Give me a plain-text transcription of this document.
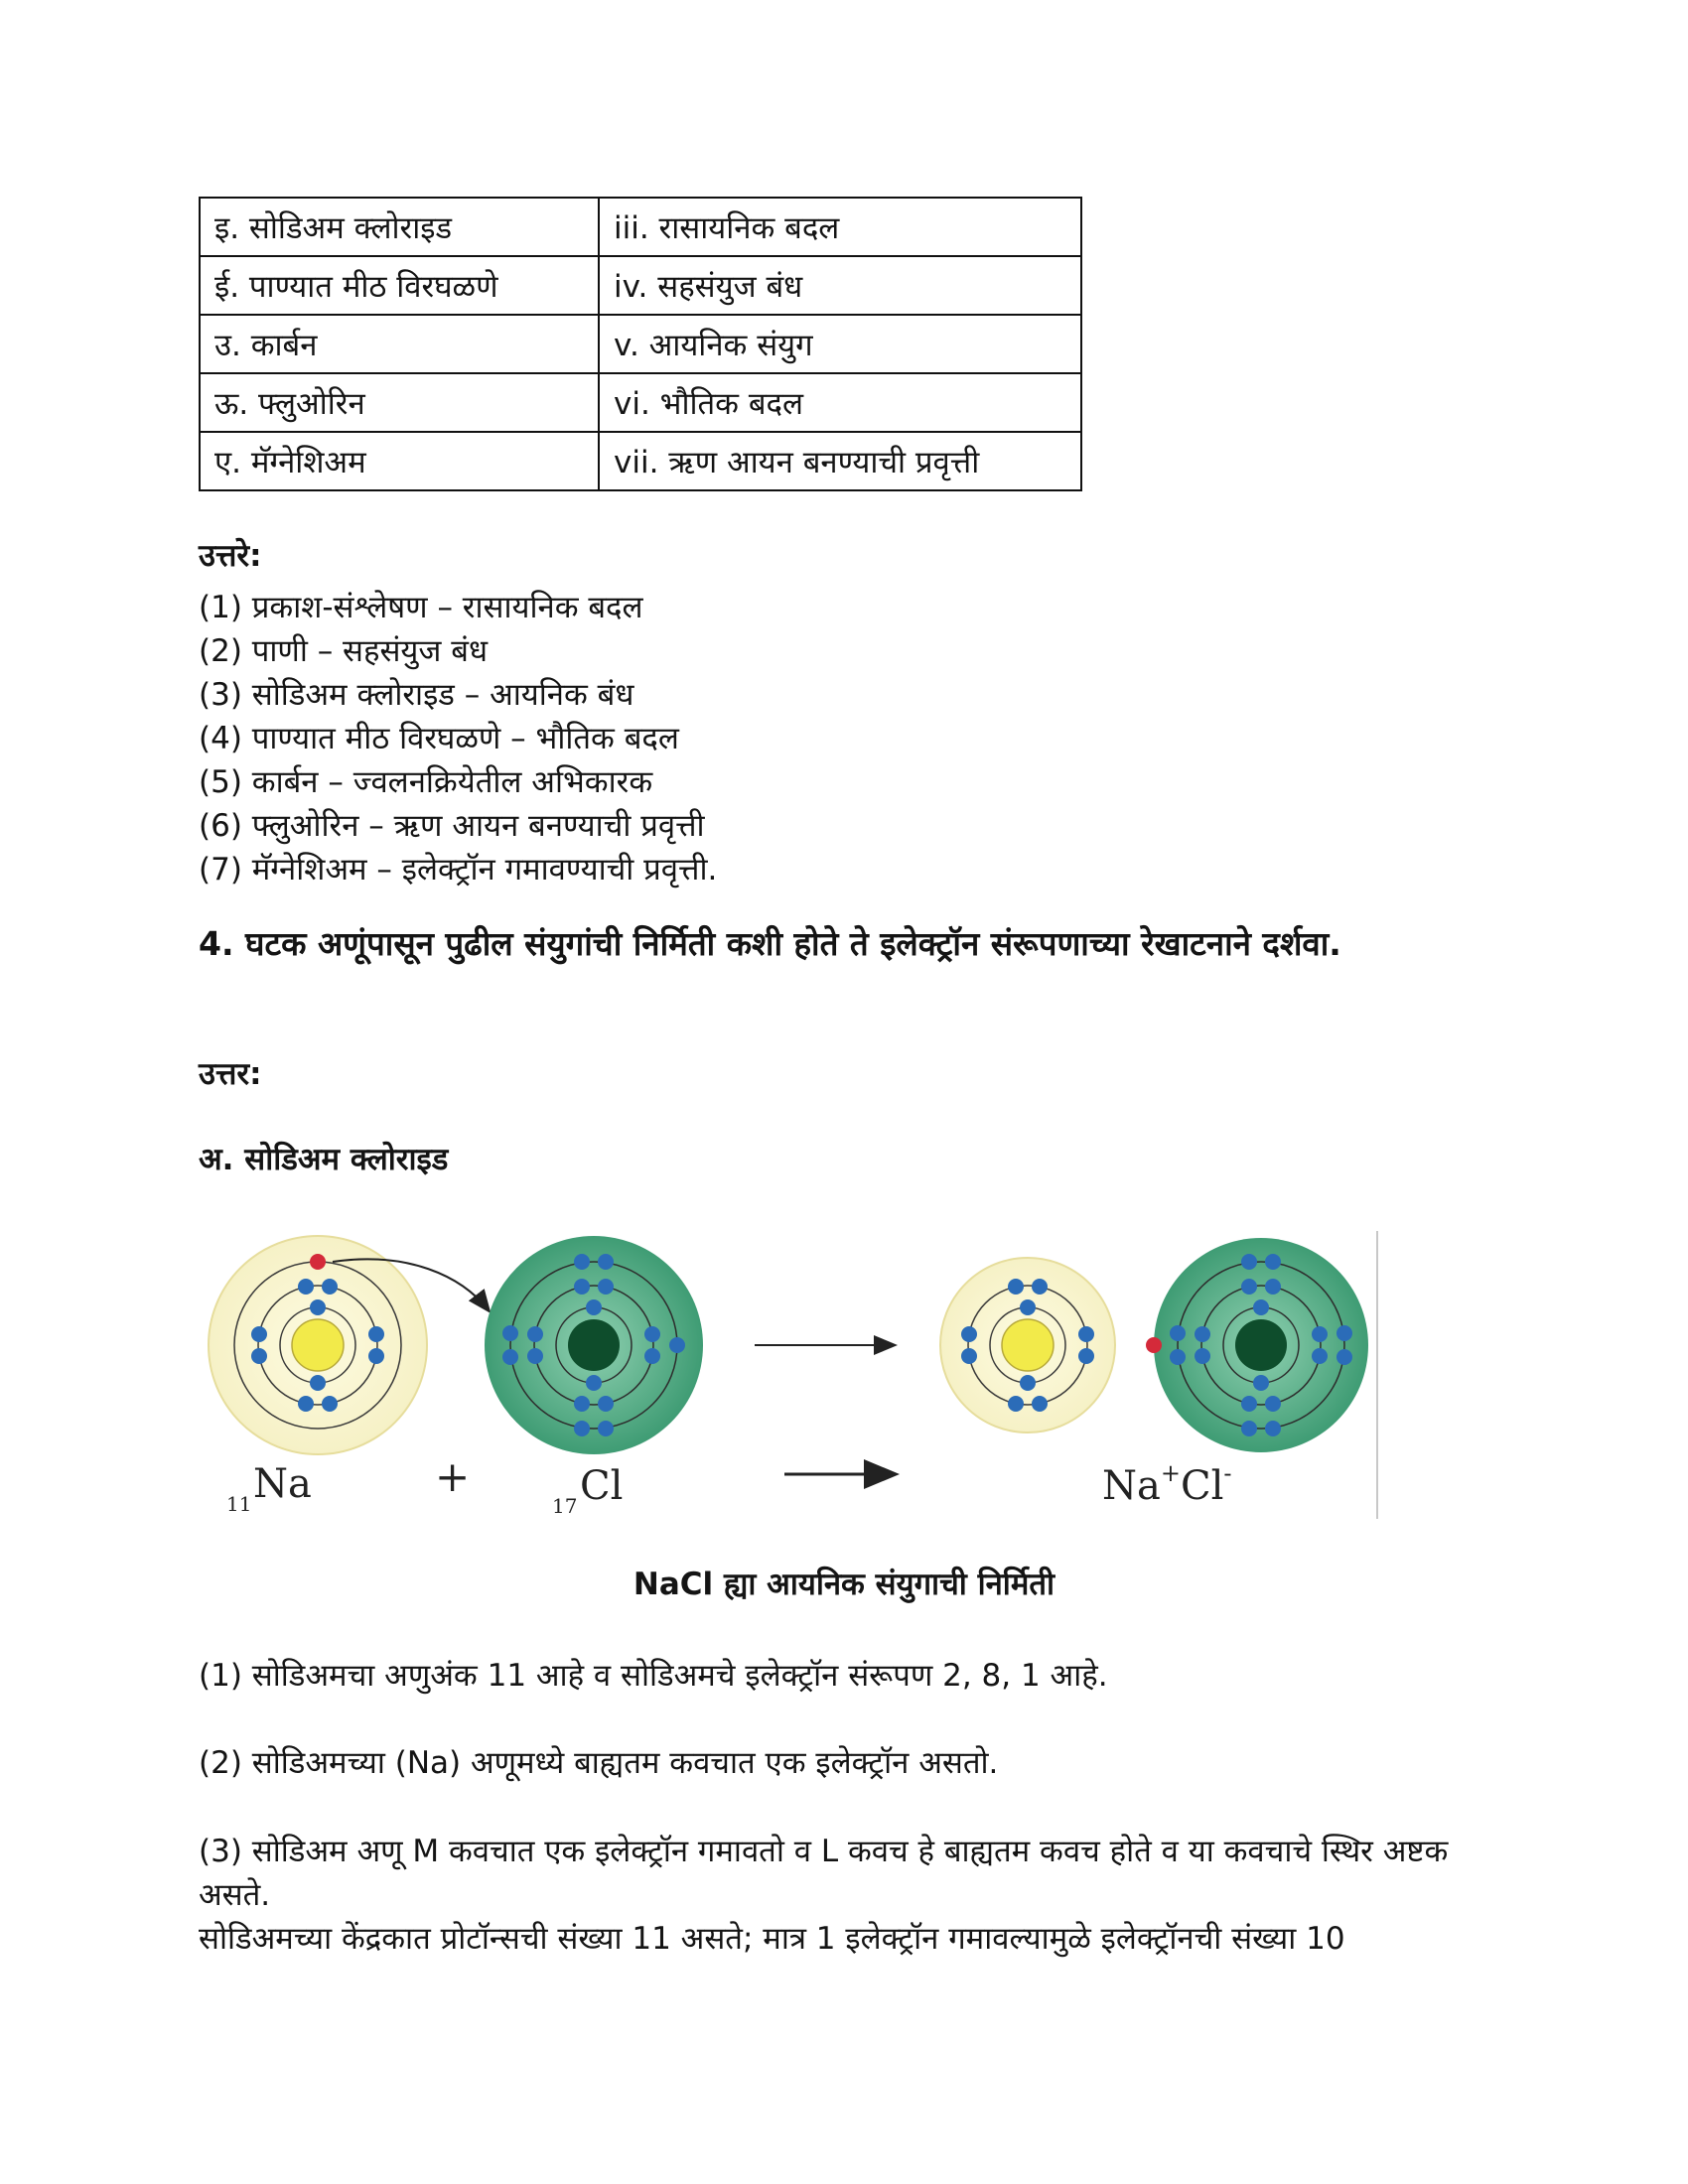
इ. सोडिअम क्लोराइड	iii. रासायनिक बदल
ई. पाण्यात मीठ विरघळणे	iv. सहसंयुज बंध
उ. कार्बन	v. आयनिक संयुग
ऊ. फ्लुओरिन	vi. भौतिक बदल
ए. मॅग्नेशिअम	vii. ऋण आयन बनण्याची प्रवृत्ती

उत्तरे:

(1) प्रकाश-संश्लेषण – रासायनिक बदल
(2) पाणी – सहसंयुज बंध
(3) सोडिअम क्लोराइड – आयनिक बंध
(4) पाण्यात मीठ विरघळणे – भौतिक बदल
(5) कार्बन – ज्वलनक्रियेतील अभिकारक
(6) फ्लुओरिन – ऋण आयन बनण्याची प्रवृत्ती
(7) मॅग्नेशिअम – इलेक्ट्रॉन गमावण्याची प्रवृत्ती.

4. घटक अणूंपासून पुढील संयुगांची निर्मिती कशी होते ते इलेक्ट्रॉन संरूपणाच्या रेखाटनाने दर्शवा.

उत्तर:

अ. सोडिअम क्लोराइड

11 Na	+
17 Cl	Na+Cl-

NaCl ह्या आयनिक संयुगाची निर्मिती

(1) सोडिअमचा अणुअंक 11 आहे व सोडिअमचे इलेक्ट्रॉन संरूपण 2, 8, 1 आहे.

(2) सोडिअमच्या (Na) अणूमध्ये बाह्यतम कवचात एक इलेक्ट्रॉन असतो.

(3) सोडिअम अणू M कवचात एक इलेक्ट्रॉन गमावतो व L कवच हे बाह्यतम कवच होते व या कवचाचे स्थिर अष्टक असते.

सोडिअमच्या केंद्रकात प्रोटॉन्सची संख्या 11 असते; मात्र 1 इलेक्ट्रॉन गमावल्यामुळे इलेक्ट्रॉनची संख्या 10
